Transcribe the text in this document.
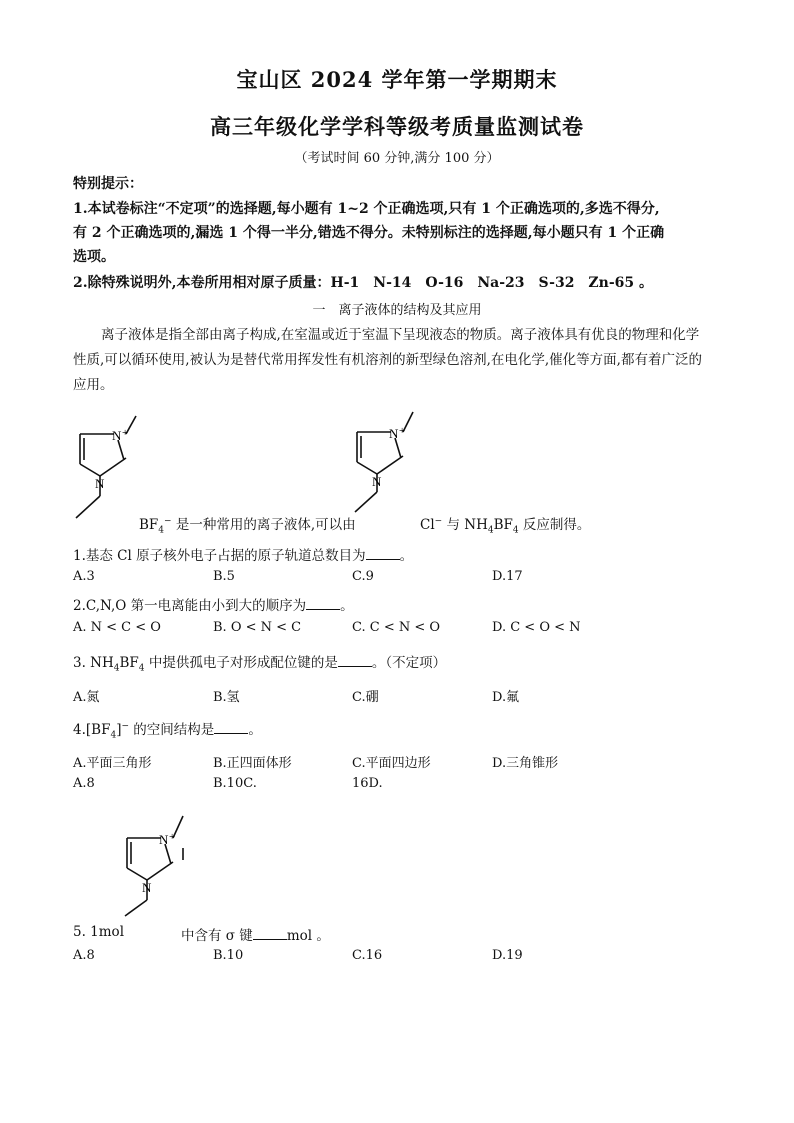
宝山区 2024 学年第一学期期末
高三年级化学学科等级考质量监测试卷
（考试时间 60 分钟,满分 100 分）
特别提示：
1.本试卷标注“不定项”的选择题,每小题有 1~2 个正确选项,只有 1 个正确选项的,多选不得分,
有 2 个正确选项的,漏选 1 个得一半分,错选不得分。未特别标注的选择题,每小题只有 1 个正确
选项。
2.除特殊说明外,本卷所用相对原子质量：H-1　N-14　O-16　Na-23　S-32　Zn-65 。
一　离子液体的结构及其应用
离子液体是指全部由离子构成,在室温或近于室温下呈现液态的物质。离子液体具有优良的物理和化学
性质,可以循环使用,被认为是替代常用挥发性有机溶剂的新型绿色溶剂,在电化学,催化等方面,都有着广泛的
应用。
N +
N
N +
N
$BF_4^-$ 是一种常用的离子液体,可以由	Cl− 与 $NH_4BF_4$ 反应制得。
1.基态 Cl 原子核外电子占据的原子轨道总数目为	。
A.3	B.5	C.9	D.17
2.C,N,O 第一电离能由小到大的顺序为	。
A. N < C < O	B. O < N < C	C. C < N < O	D. C < O < N
3. $NH_4BF_4$ 中提供孤电子对形成配位键的是	。（不定项）
A.氮	B.氢	C.硼	D.氟
$4.[BF_4]^-$ 的空间结构是	。
A.平面三角形	B.正四面体形	C.平面四边形	D.三角锥形
A.8	B.10C.	16D.
N +
N
5. 1mol	中含有 σ 键	mol 。
A.8	B.10	C.16	D.19
